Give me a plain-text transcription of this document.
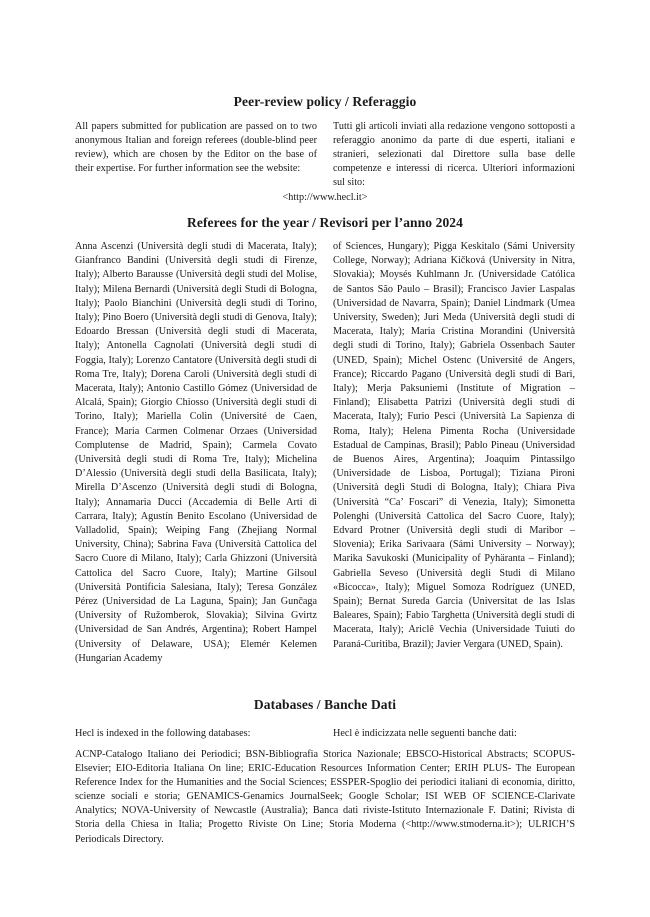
Peer-review policy / Referaggio
All papers submitted for publication are passed on to two anonymous Italian and foreign referees (double-blind peer review), which are chosen by the Editor on the base of their expertise. For further information see the website:
Tutti gli articoli inviati alla redazione vengono sottoposti a referaggio anonimo da parte di due esperti, italiani e stranieri, selezionati dal Direttore sulla base delle competenze e interessi di ricerca. Ulteriori informazioni sul sito:
<http://www.hecl.it>
Referees for the year / Revisori per l’anno 2024
Anna Ascenzi (Università degli studi di Macerata, Italy); Gianfranco Bandini (Università degli studi di Firenze, Italy); Alberto Barausse (Università degli studi del Molise, Italy); Milena Bernardi (Università degli Studi di Bologna, Italy); Paolo Bianchini (Università degli studi di Torino, Italy); Pino Boero (Università degli studi di Genova, Italy); Edoardo Bressan (Università degli studi di Macerata, Italy); Antonella Cagnolati (Università degli studi di Foggia, Italy); Lorenzo Cantatore (Università degli studi di Roma Tre, Italy); Dorena Caroli (Università degli studi di Macerata, Italy); Antonio Castillo Gómez (Universidad de Alcalá, Spain); Giorgio Chiosso (Università degli studi di Torino, Italy); Mariella Colin (Université de Caen, France); Maria Carmen Colmenar Orzaes (Universidad Complutense de Madrid, Spain); Carmela Covato (Università degli studi di Roma Tre, Italy); Michelina D’Alessio (Università degli studi della Basilicata, Italy); Mirella D’Ascenzo (Università degli studi di Bologna, Italy); Annamaria Ducci (Accademia di Belle Arti di Carrara, Italy); Agustín Benito Escolano (Universidad de Valladolid, Spain); Weiping Fang (Zhejiang Normal University, China); Sabrina Fava (Università Cattolica del Sacro Cuore di Milano, Italy); Carla Ghizzoni (Università Cattolica del Sacro Cuore, Italy); Martine Gilsoul (Università Pontificia Salesiana, Italy); Teresa González Pérez (Universidad de La Laguna, Spain); Jan Gunčaga (University of Ružomberok, Slovakia); Silvina Gvirtz (Universidad de San Andrés, Argentina); Robert Hampel (University of Delaware, USA); Elemér Kelemen (Hungarian Academy
of Sciences, Hungary); Pigga Keskitalo (Sámi University College, Norway); Adriana Kičková (University in Nitra, Slovakia); Moysés Kuhlmann Jr. (Universidade Católica de Santos São Paulo – Brasil); Francisco Javier Laspalas (Universidad de Navarra, Spain); Daniel Lindmark (Umea University, Sweden); Juri Meda (Università degli studi di Macerata, Italy); Maria Cristina Morandini (Università degli studi di Torino, Italy); Gabriela Ossenbach Sauter (UNED, Spain); Michel Ostenc (Université de Angers, France); Riccardo Pagano (Università degli studi di Bari, Italy); Merja Paksuniemi (Institute of Migration – Finland); Elisabetta Patrizi (Università degli studi di Macerata, Italy); Furio Pesci (Università La Sapienza di Roma, Italy); Helena Pimenta Rocha (Universidade Estadual de Campinas, Brasil); Pablo Pineau (Universidad de Buenos Aires, Argentina); Joaquim Pintassilgo (Universidade de Lisboa, Portugal); Tiziana Pironi (Università degli Studi di Bologna, Italy); Chiara Piva (Università “Ca’ Foscari” di Venezia, Italy); Simonetta Polenghi (Università Cattolica del Sacro Cuore, Italy); Edvard Protner (Università degli studi di Maribor – Slovenia); Erika Sarivaara (Sámi University – Norway); Marika Savukoski (Municipality of Pyhäranta – Finland); Gabriella Seveso (Università degli Studi di Milano «Bicocca», Italy); Miguel Somoza Rodríguez (UNED, Spain); Bernat Sureda Garcia (Universitat de las Islas Baleares, Spain); Fabio Targhetta (Università degli studi di Macerata, Italy); Ariclê Vechia (Universidade Tuiuti do Paraná-Curitiba, Brazil); Javier Vergara (UNED, Spain).
Databases / Banche Dati
Hecl is indexed in the following databases:	Hecl è indicizzata nelle seguenti banche dati:
ACNP-Catalogo Italiano dei Periodici; BSN-Bibliografia Storica Nazionale; EBSCO-Historical Abstracts; SCOPUS-Elsevier; EIO-Editoria Italiana On line; ERIC-Education Resources Information Center; ERIH PLUS- The European Reference Index for the Humanities and the Social Sciences; ESSPER-Spoglio dei periodici italiani di economia, diritto, scienze sociali e storia; GENAMICS-Genamics JournalSeek; Google Scholar; ISI WEB OF SCIENCE-Clarivate Analytics; NOVA-University of Newcastle (Australia); Banca dati riviste-Istituto Internazionale F. Datini; Rivista di Storia della Chiesa in Italia; Progetto Riviste On Line; Storia Moderna (<http://www.stmoderna.it>); ULRICH’S Periodicals Directory.
